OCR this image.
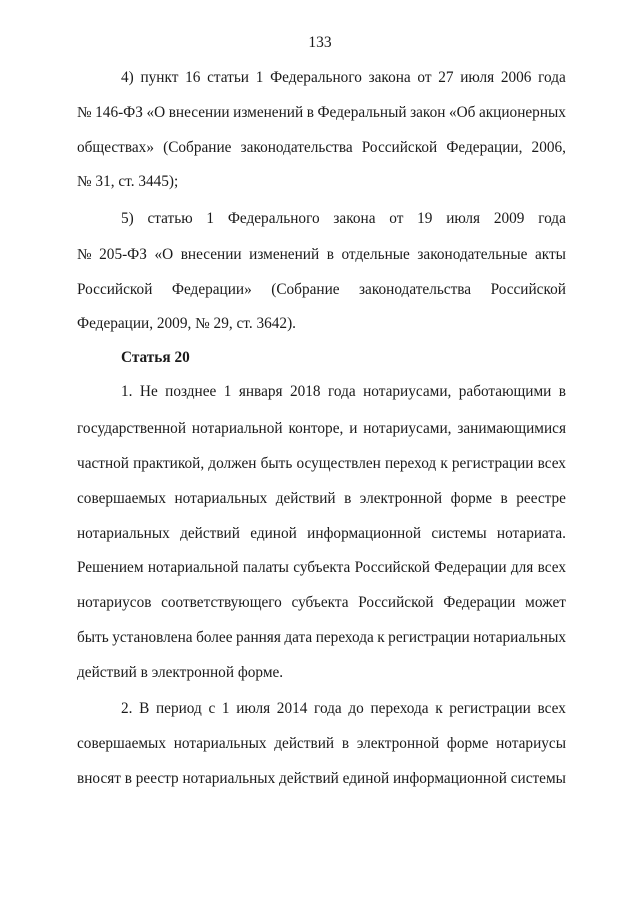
133
4) пункт 16 статьи 1 Федерального закона от 27 июля 2006 года
№ 146-ФЗ «О внесении изменений в Федеральный закон «Об акционерных
обществах» (Собрание законодательства Российской Федерации, 2006,
№ 31, ст. 3445);
5) статью 1 Федерального закона от 19 июля 2009 года
№ 205-ФЗ «О внесении изменений в отдельные законодательные акты
Российской Федерации» (Собрание законодательства Российской
Федерации, 2009, № 29, ст. 3642).
Статья 20
1. Не позднее 1 января 2018 года нотариусами, работающими в
государственной нотариальной конторе, и нотариусами, занимающимися
частной практикой, должен быть осуществлен переход к регистрации всех
совершаемых нотариальных действий в электронной форме в реестре
нотариальных действий единой информационной системы нотариата.
Решением нотариальной палаты субъекта Российской Федерации для всех
нотариусов соответствующего субъекта Российской Федерации может
быть установлена более ранняя дата перехода к регистрации нотариальных
действий в электронной форме.
2. В период с 1 июля 2014 года до перехода к регистрации всех
совершаемых нотариальных действий в электронной форме нотариусы
вносят в реестр нотариальных действий единой информационной системы
